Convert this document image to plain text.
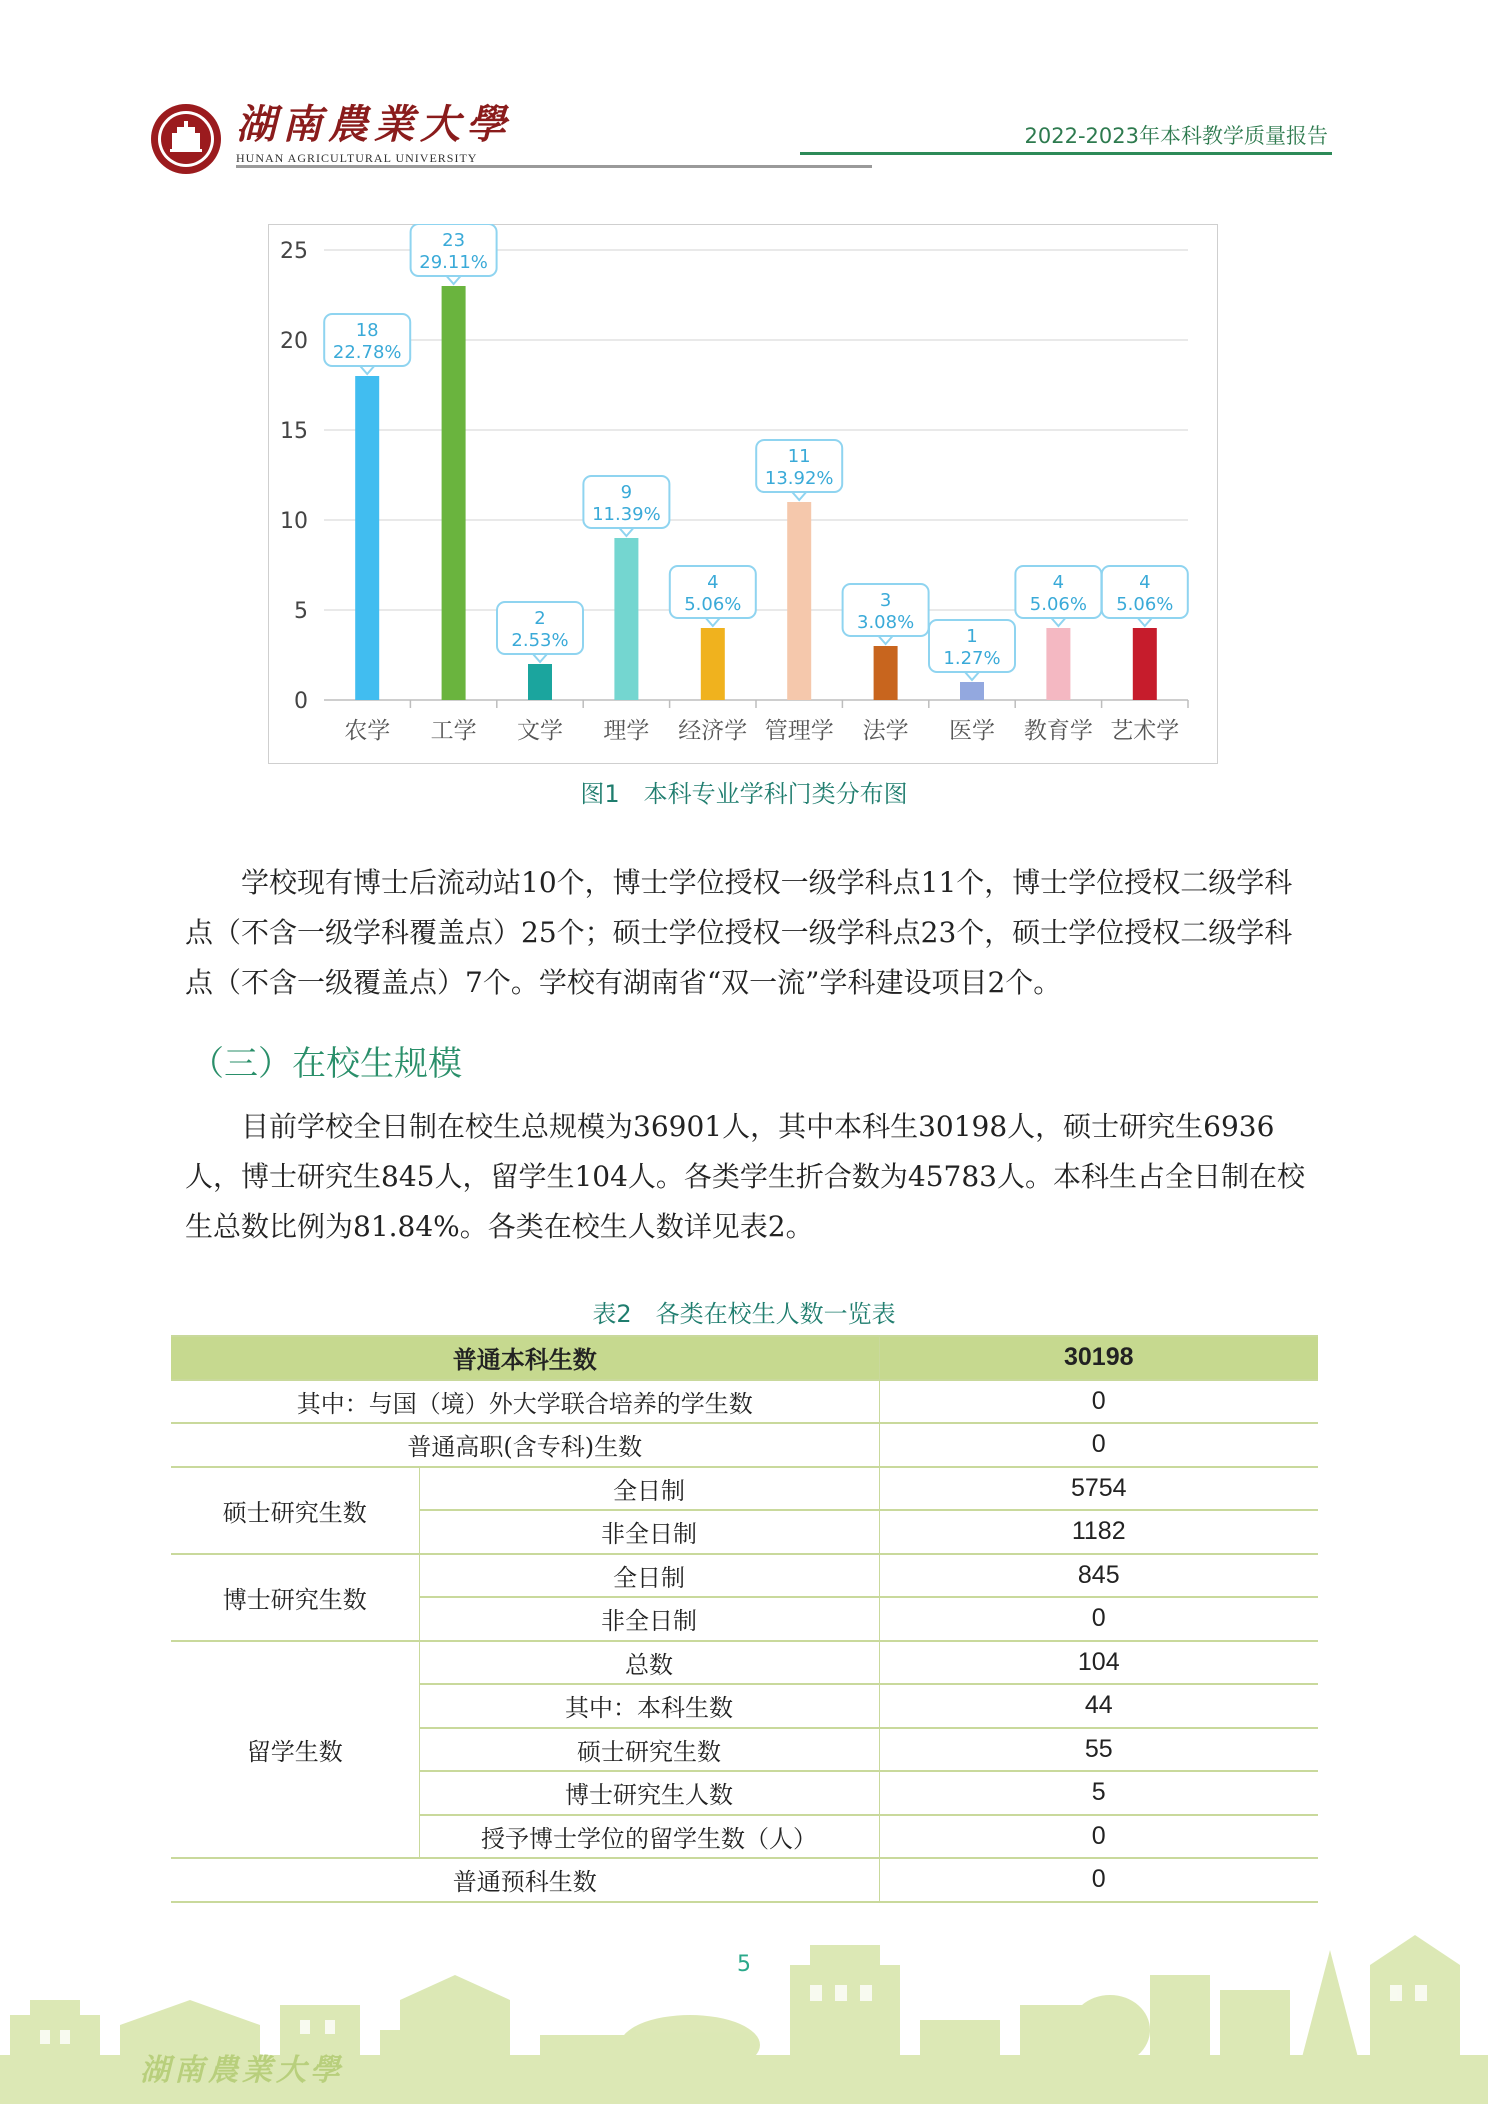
湖南農業大學
HUNAN AGRICULTURAL UNIVERSITY
2022-2023年本科教学质量报告
0
5
10
15
20
25
农学
18
22.78%
工学
23
29.11%
文学
2
2.53%
理学
9
11.39%
经济学
4
5.06%
管理学
11
13.92%
法学
3
3.08%
医学
1
1.27%
教育学
4
5.06%
艺术学
4
5.06%
图1　本科专业学科门类分布图
学校现有博士后流动站10个，博士学位授权一级学科点11个，博士学位授权二级学科点（不含一级学科覆盖点）25个；硕士学位授权一级学科点23个，硕士学位授权二级学科点（不含一级覆盖点）7个。学校有湖南省“双一流”学科建设项目2个。
（三）在校生规模
目前学校全日制在校生总规模为36901人，其中本科生30198人，硕士研究生6936人，博士研究生845人，留学生104人。各类学生折合数为45783人。本科生占全日制在校生总数比例为81.84%。各类在校生人数详见表2。
表2　各类在校生人数一览表
普通本科生数		30198
其中：与国（境）外大学联合培养的学生数		0
普通高职(含专科)生数		0
硕士研究生数	全日制	5754
	非全日制	1182
博士研究生数	全日制	845
	非全日制	0
留学生数	总数	104
	其中：本科生数	44
	硕士研究生数	55
	博士研究生人数	5
	授予博士学位的留学生数（人）	0
普通预科生数		0
湖南農業大學
5
